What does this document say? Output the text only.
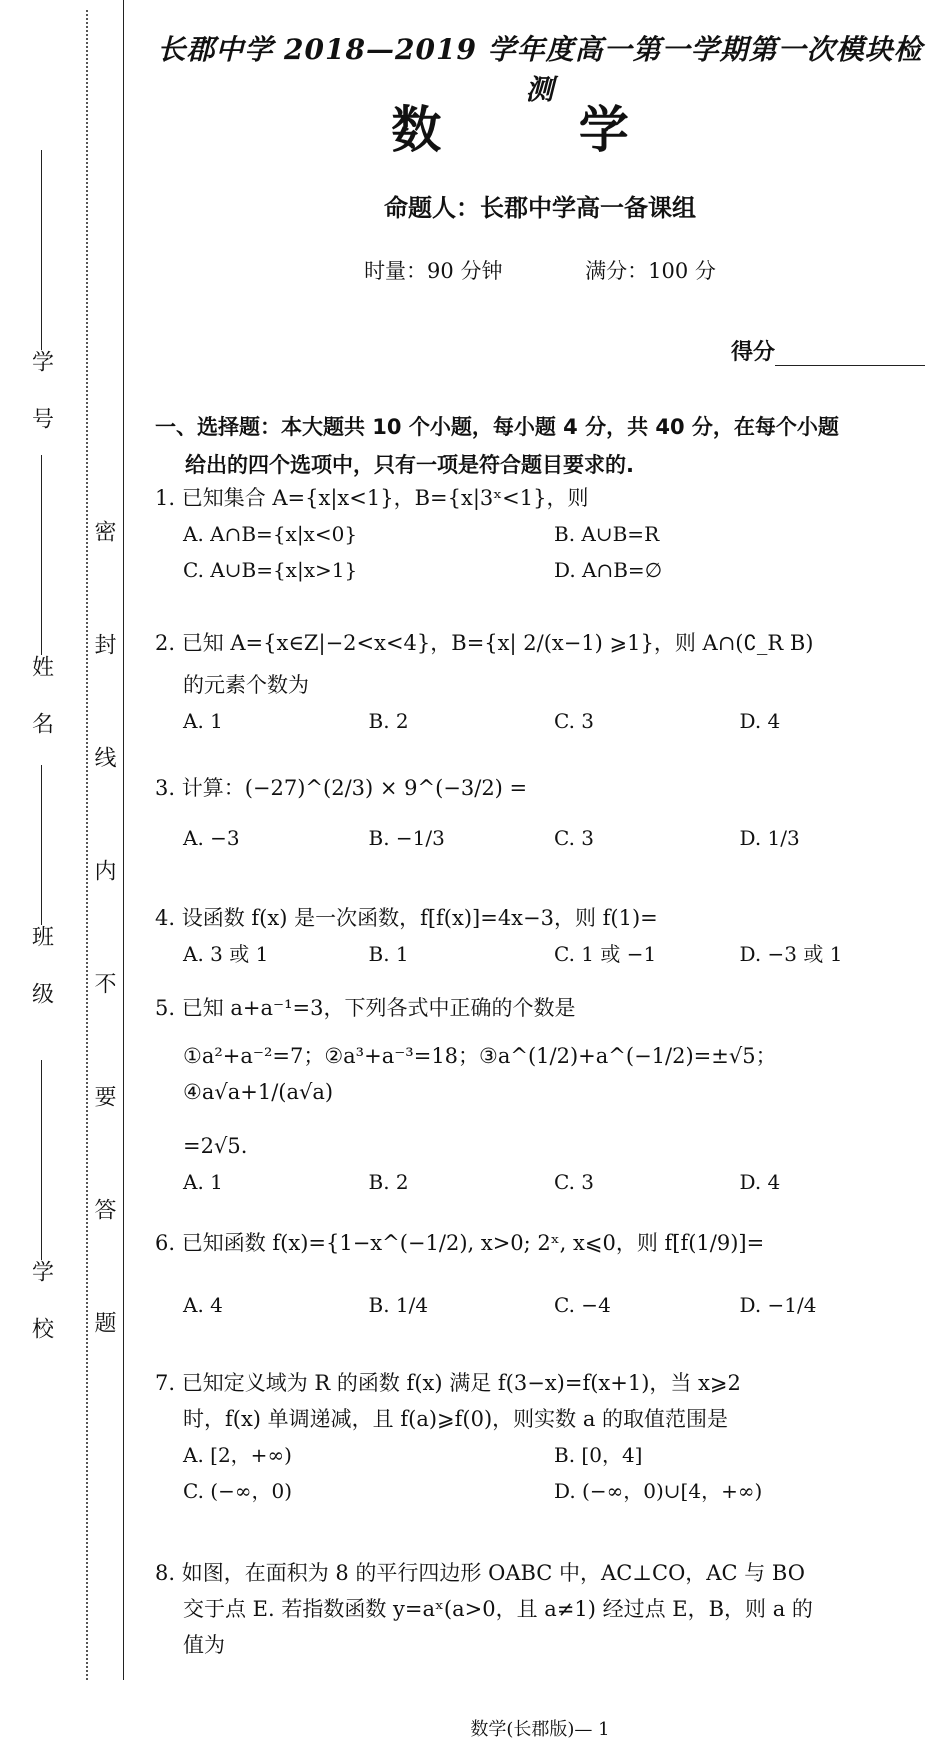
学 号
姓 名
班 级
学 校 密 封 线 内 不 要 答 题
长郡中学 2018—2019 学年度高一第一学期第一次模块检测
数 学
命题人：长郡中学高一备课组
时量：90 分钟	满分：100 分
得分
一、选择题：本大题共 10 个小题，每小题 4 分，共 40 分，在每个小题
给出的四个选项中，只有一项是符合题目要求的.
1. 已知集合 A={x|x<1}，B={x|3ˣ<1}，则
A. A∩B={x|x<0}	B. A∪B=R
C. A∪B={x|x>1}	D. A∩B=∅
2. 已知 A={x∈Z|−2<x<4}，B={x| 2/(x−1) ⩾1}，则 A∩(∁_R B)
的元素个数为
A. 1	B. 2	C. 3	D. 4
3. 计算：(−27)^(2/3) × 9^(−3/2) =
A. −3	B. −1/3	C. 3	D. 1/3
4. 设函数 f(x) 是一次函数，f[f(x)]=4x−3，则 f(1)=
A. 3 或 1	B. 1	C. 1 或 −1	D. −3 或 1
5. 已知 a+a⁻¹=3，下列各式中正确的个数是
①a²+a⁻²=7；②a³+a⁻³=18；③a^(1/2)+a^(−1/2)=±√5；④a√a+1/(a√a)
=2√5.
A. 1	B. 2	C. 3	D. 4
6. 已知函数 f(x)={1−x^(−1/2), x>0; 2ˣ, x⩽0，则 f[f(1/9)]=
A. 4	B. 1/4	C. −4	D. −1/4
7. 已知定义域为 R 的函数 f(x) 满足 f(3−x)=f(x+1)，当 x⩾2
时，f(x) 单调递减，且 f(a)⩾f(0)，则实数 a 的取值范围是
A. [2，+∞)	B. [0，4]
C. (−∞，0)	D. (−∞，0)∪[4，+∞)
8. 如图，在面积为 8 的平行四边形 OABC 中，AC⊥CO，AC 与 BO
交于点 E. 若指数函数 y=aˣ(a>0，且 a≠1) 经过点 E，B，则 a 的
值为
数学(长郡版)— 1
